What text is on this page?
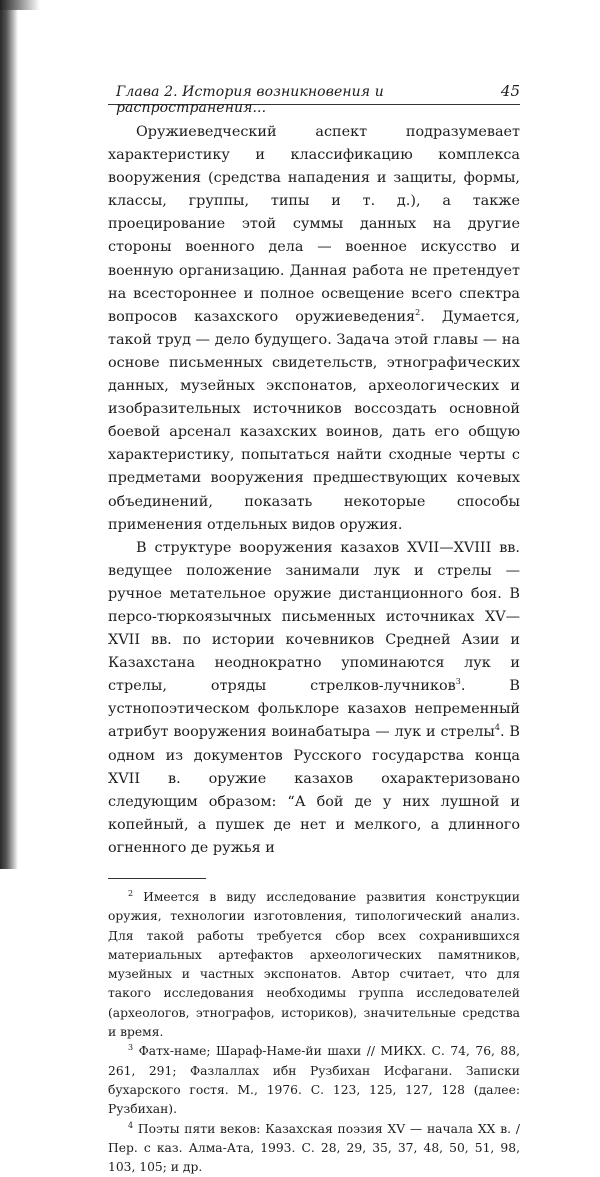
Глава 2. История возникновения и распространения...
45

Оружиеведческий аспект подразумевает характеристику и классификацию комплекса вооружения (средства нападения и защиты, формы, классы, группы, типы и т. д.), а также проецирование этой суммы данных на другие стороны военного дела — военное искусство и военную организацию. Данная работа не претендует на всестороннее и полное освещение всего спектра вопросов казахского оружиеведения$^2$. Думается, такой труд — дело будущего. Задача этой главы — на основе письменных свидетельств, этнографических данных, музейных экспонатов, археологических и изобразительных источников воссоздать основной боевой арсенал казахских воинов, дать его общую характеристику, попытаться найти сходные черты с предметами вооружения предшествующих кочевых объединений, показать некоторые способы применения отдельных видов оружия.

В структуре вооружения казахов XVII—XVIII вв. ведущее положение занимали лук и стрелы — ручное метательное оружие дистанционного боя. В персо-тюркоязычных письменных источниках XV—XVII вв. по истории кочевников Средней Азии и Казахстана неоднократно упоминаются лук и стрелы, отряды стрелков-лучников$^3$. В устнопоэтическом фольклоре казахов непременный атрибут вооружения воинабатыра — лук и стрелы$^4$. В одном из документов Русского государства конца XVII в. оружие казахов охарактеризовано следующим образом: “А бой де у них лушной и копейный, а пушек де нет и мелкого, а длинного огненного де ружья и

$^2$ Имеется в виду исследование развития конструкции оружия, технологии изготовления, типологический анализ. Для такой работы требуется сбор всех сохранившихся материальных артефактов археологических памятников, музейных и частных экспонатов. Автор считает, что для такого исследования необходимы группа исследователей (археологов, этнографов, историков), значительные средства и время.

$^3$ Фатх-наме; Шараф-Наме-йи шахи // МИКХ. С. 74, 76, 88, 261, 291; Фазлаллах ибн Рузбихан Исфагани. Записки бухарского гостя. М., 1976. С. 123, 125, 127, 128 (далее: Рузбихан).

$^4$ Поэты пяти веков: Казахская поэзия XV — начала XX в. / Пер. с каз. Алма-Ата, 1993. С. 28, 29, 35, 37, 48, 50, 51, 98, 103, 105; и др.
